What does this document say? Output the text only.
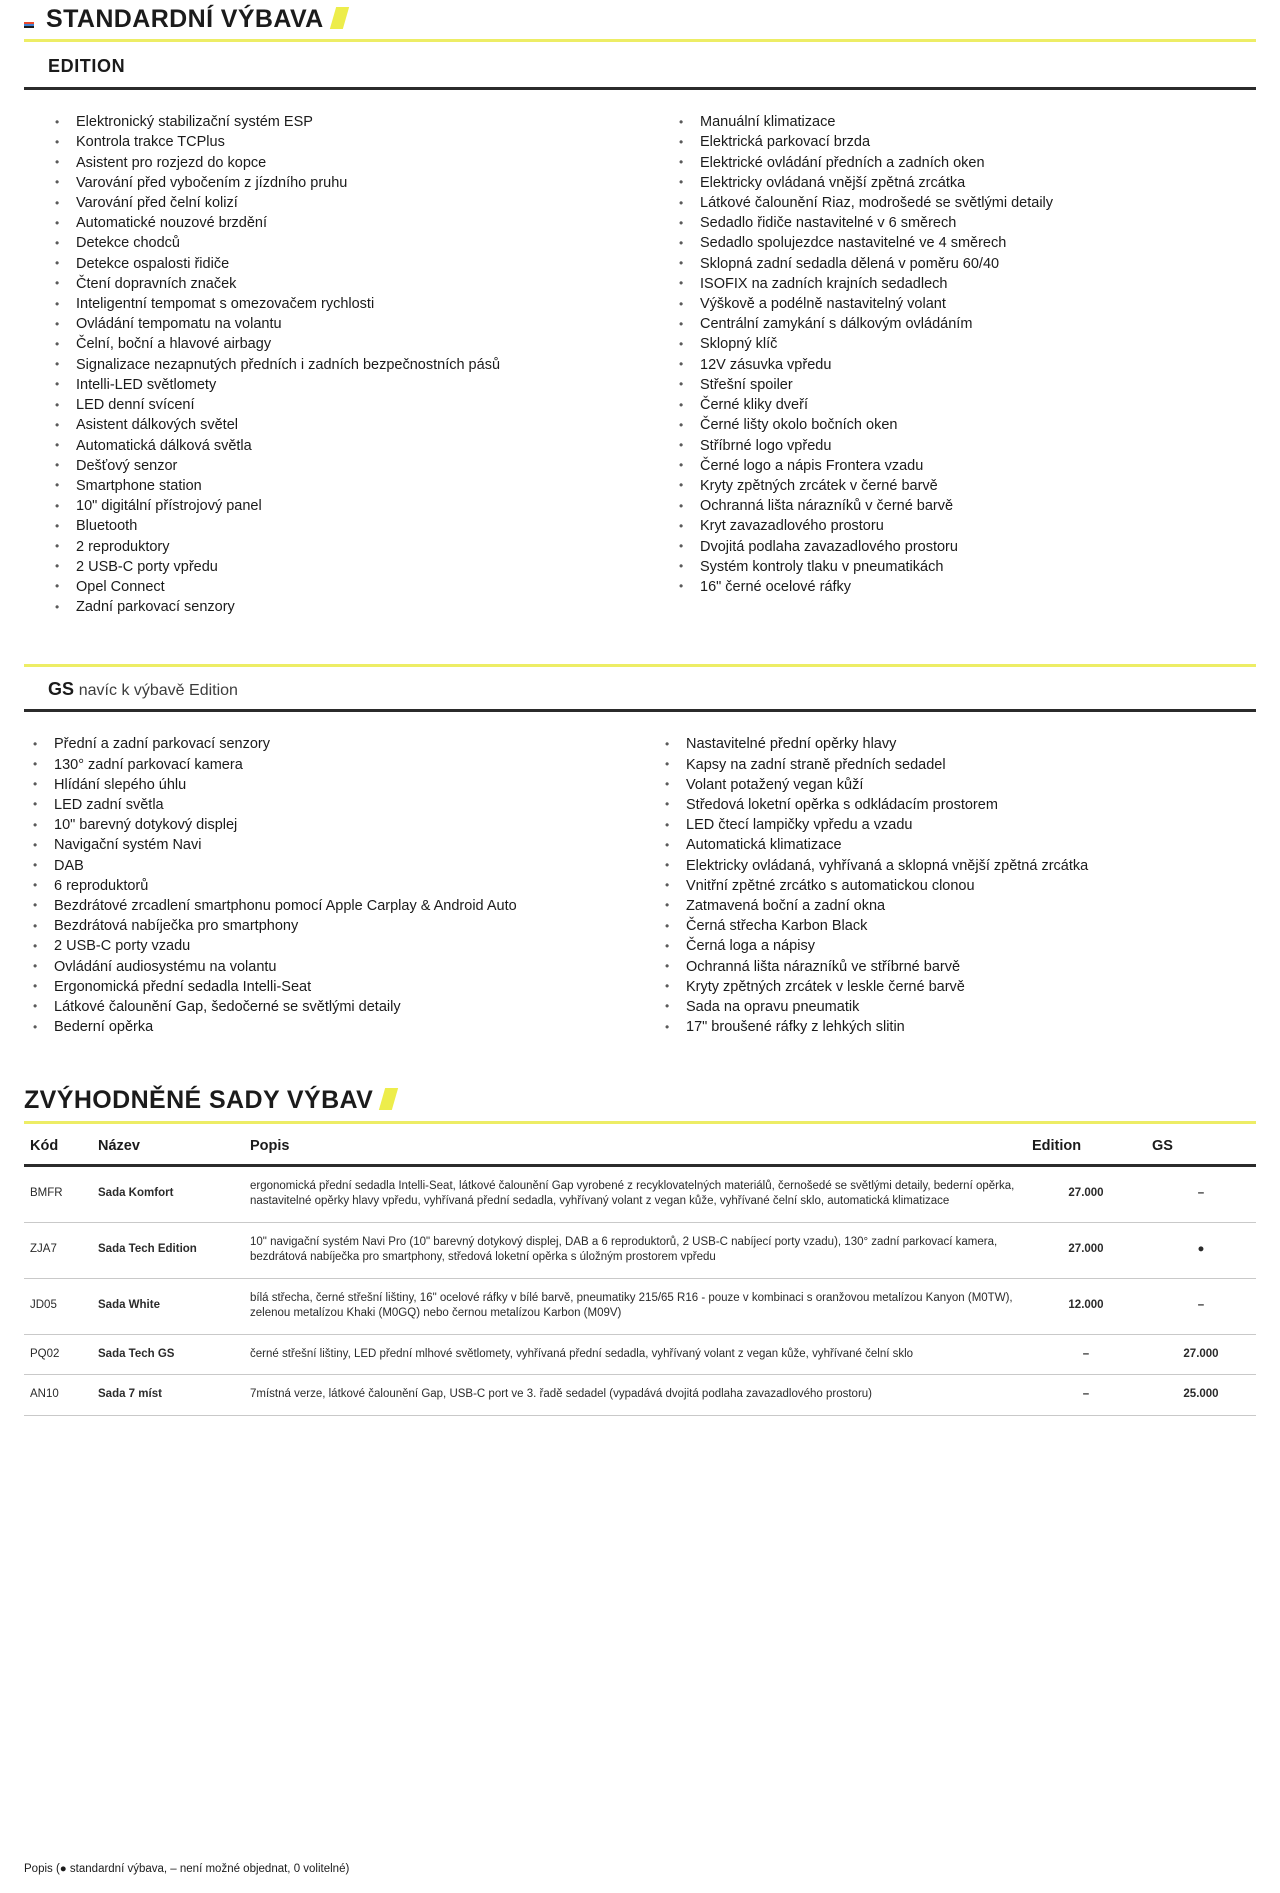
STANDARDNÍ VÝBAVA
EDITION
• Elektronický stabilizační systém ESP
• Kontrola trakce TCPlus
• Asistent pro rozjezd do kopce
• Varování před vybočením z jízdního pruhu
• Varování před čelní kolizí
• Automatické nouzové brzdění
• Detekce chodců
• Detekce ospalosti řidiče
• Čtení dopravních značek
• Inteligentní tempomat s omezovačem rychlosti
• Ovládání tempomatu na volantu
• Čelní, boční a hlavové airbagy
• Signalizace nezapnutých předních i zadních bezpečnostních pásů
• Intelli-LED světlomety
• LED denní svícení
• Asistent dálkových světel
• Automatická dálková světla
• Dešťový senzor
• Smartphone station
• 10" digitální přístrojový panel
• Bluetooth
• 2 reproduktory
• 2 USB-C porty vpředu
• Opel Connect
• Zadní parkovací senzory
• Manuální klimatizace
• Elektrická parkovací brzda
• Elektrické ovládání předních a zadních oken
• Elektricky ovládaná vnější zpětná zrcátka
• Látkové čalounění Riaz, modrošedé se světlými detaily
• Sedadlo řidiče nastavitelné v 6 směrech
• Sedadlo spolujezdce nastavitelné ve 4 směrech
• Sklopná zadní sedadla dělená v poměru 60/40
• ISOFIX na zadních krajních sedadlech
• Výškově a podélně nastavitelný volant
• Centrální zamykání s dálkovým ovládáním
• Sklopný klíč
• 12V zásuvka vpředu
• Střešní spoiler
• Černé kliky dveří
• Černé lišty okolo bočních oken
• Stříbrné logo vpředu
• Černé logo a nápis Frontera vzadu
• Kryty zpětných zrcátek v černé barvě
• Ochranná lišta nárazníků v černé barvě
• Kryt zavazadlového prostoru
• Dvojitá podlaha zavazadlového prostoru
• Systém kontroly tlaku v pneumatikách
• 16" černé ocelové ráfky
GS navíc k výbavě Edition
• Přední a zadní parkovací senzory
• 130° zadní parkovací kamera
• Hlídání slepého úhlu
• LED zadní světla
• 10" barevný dotykový displej
• Navigační systém Navi
• DAB
• 6 reproduktorů
• Bezdrátové zrcadlení smartphonu pomocí Apple Carplay & Android Auto
• Bezdrátová nabíječka pro smartphony
• 2 USB-C porty vzadu
• Ovládání audiosystému na volantu
• Ergonomická přední sedadla Intelli-Seat
• Látkové čalounění Gap, šedočerné se světlými detaily
• Bederní opěrka
• Nastavitelné přední opěrky hlavy
• Kapsy na zadní straně předních sedadel
• Volant potažený vegan kůží
• Středová loketní opěrka s odkládacím prostorem
• LED čtecí lampičky vpředu a vzadu
• Automatická klimatizace
• Elektricky ovládaná, vyhřívaná a sklopná vnější zpětná zrcátka
• Vnitřní zpětné zrcátko s automatickou clonou
• Zatmavená boční a zadní okna
• Černá střecha Karbon Black
• Černá loga a nápisy
• Ochranná lišta nárazníků ve stříbrné barvě
• Kryty zpětných zrcátek v leskle černé barvě
• Sada na opravu pneumatik
• 17" broušené ráfky z lehkých slitin
ZVÝHODNĚNÉ SADY VÝBAV
Kód	Název	Popis	Edition	GS
BMFR	Sada Komfort	ergonomická přední sedadla Intelli-Seat, látkové čalounění Gap vyrobené z recyklovatelných materiálů, černošedé se světlými detaily, bederní opěrka, nastavitelné opěrky hlavy vpředu, vyhřívaná přední sedadla, vyhřívaný volant z vegan kůže, vyhřívané čelní sklo, automatická klimatizace	27.000	–
ZJA7	Sada Tech Edition	10" navigační systém Navi Pro (10" barevný dotykový displej, DAB a 6 reproduktorů, 2 USB-C nabíjecí porty vzadu), 130° zadní parkovací kamera, bezdrátová nabíječka pro smartphony, středová loketní opěrka s úložným prostorem vpředu	27.000	●
JD05	Sada White	bílá střecha, černé střešní lištiny, 16" ocelové ráfky v bílé barvě, pneumatiky 215/65 R16 - pouze v kombinaci s oranžovou metalízou Kanyon (M0TW), zelenou metalízou Khaki (M0GQ) nebo černou metalízou Karbon (M09V)	12.000	–
PQ02	Sada Tech GS	černé střešní lištiny, LED přední mlhové světlomety, vyhřívaná přední sedadla, vyhřívaný volant z vegan kůže, vyhřívané čelní sklo	–	27.000
AN10	Sada 7 míst	7místná verze, látkové čalounění Gap, USB-C port ve 3. řadě sedadel (vypadává dvojitá podlaha zavazadlového prostoru)	–	25.000
Popis (● standardní výbava, – není možné objednat, 0 volitelné)
